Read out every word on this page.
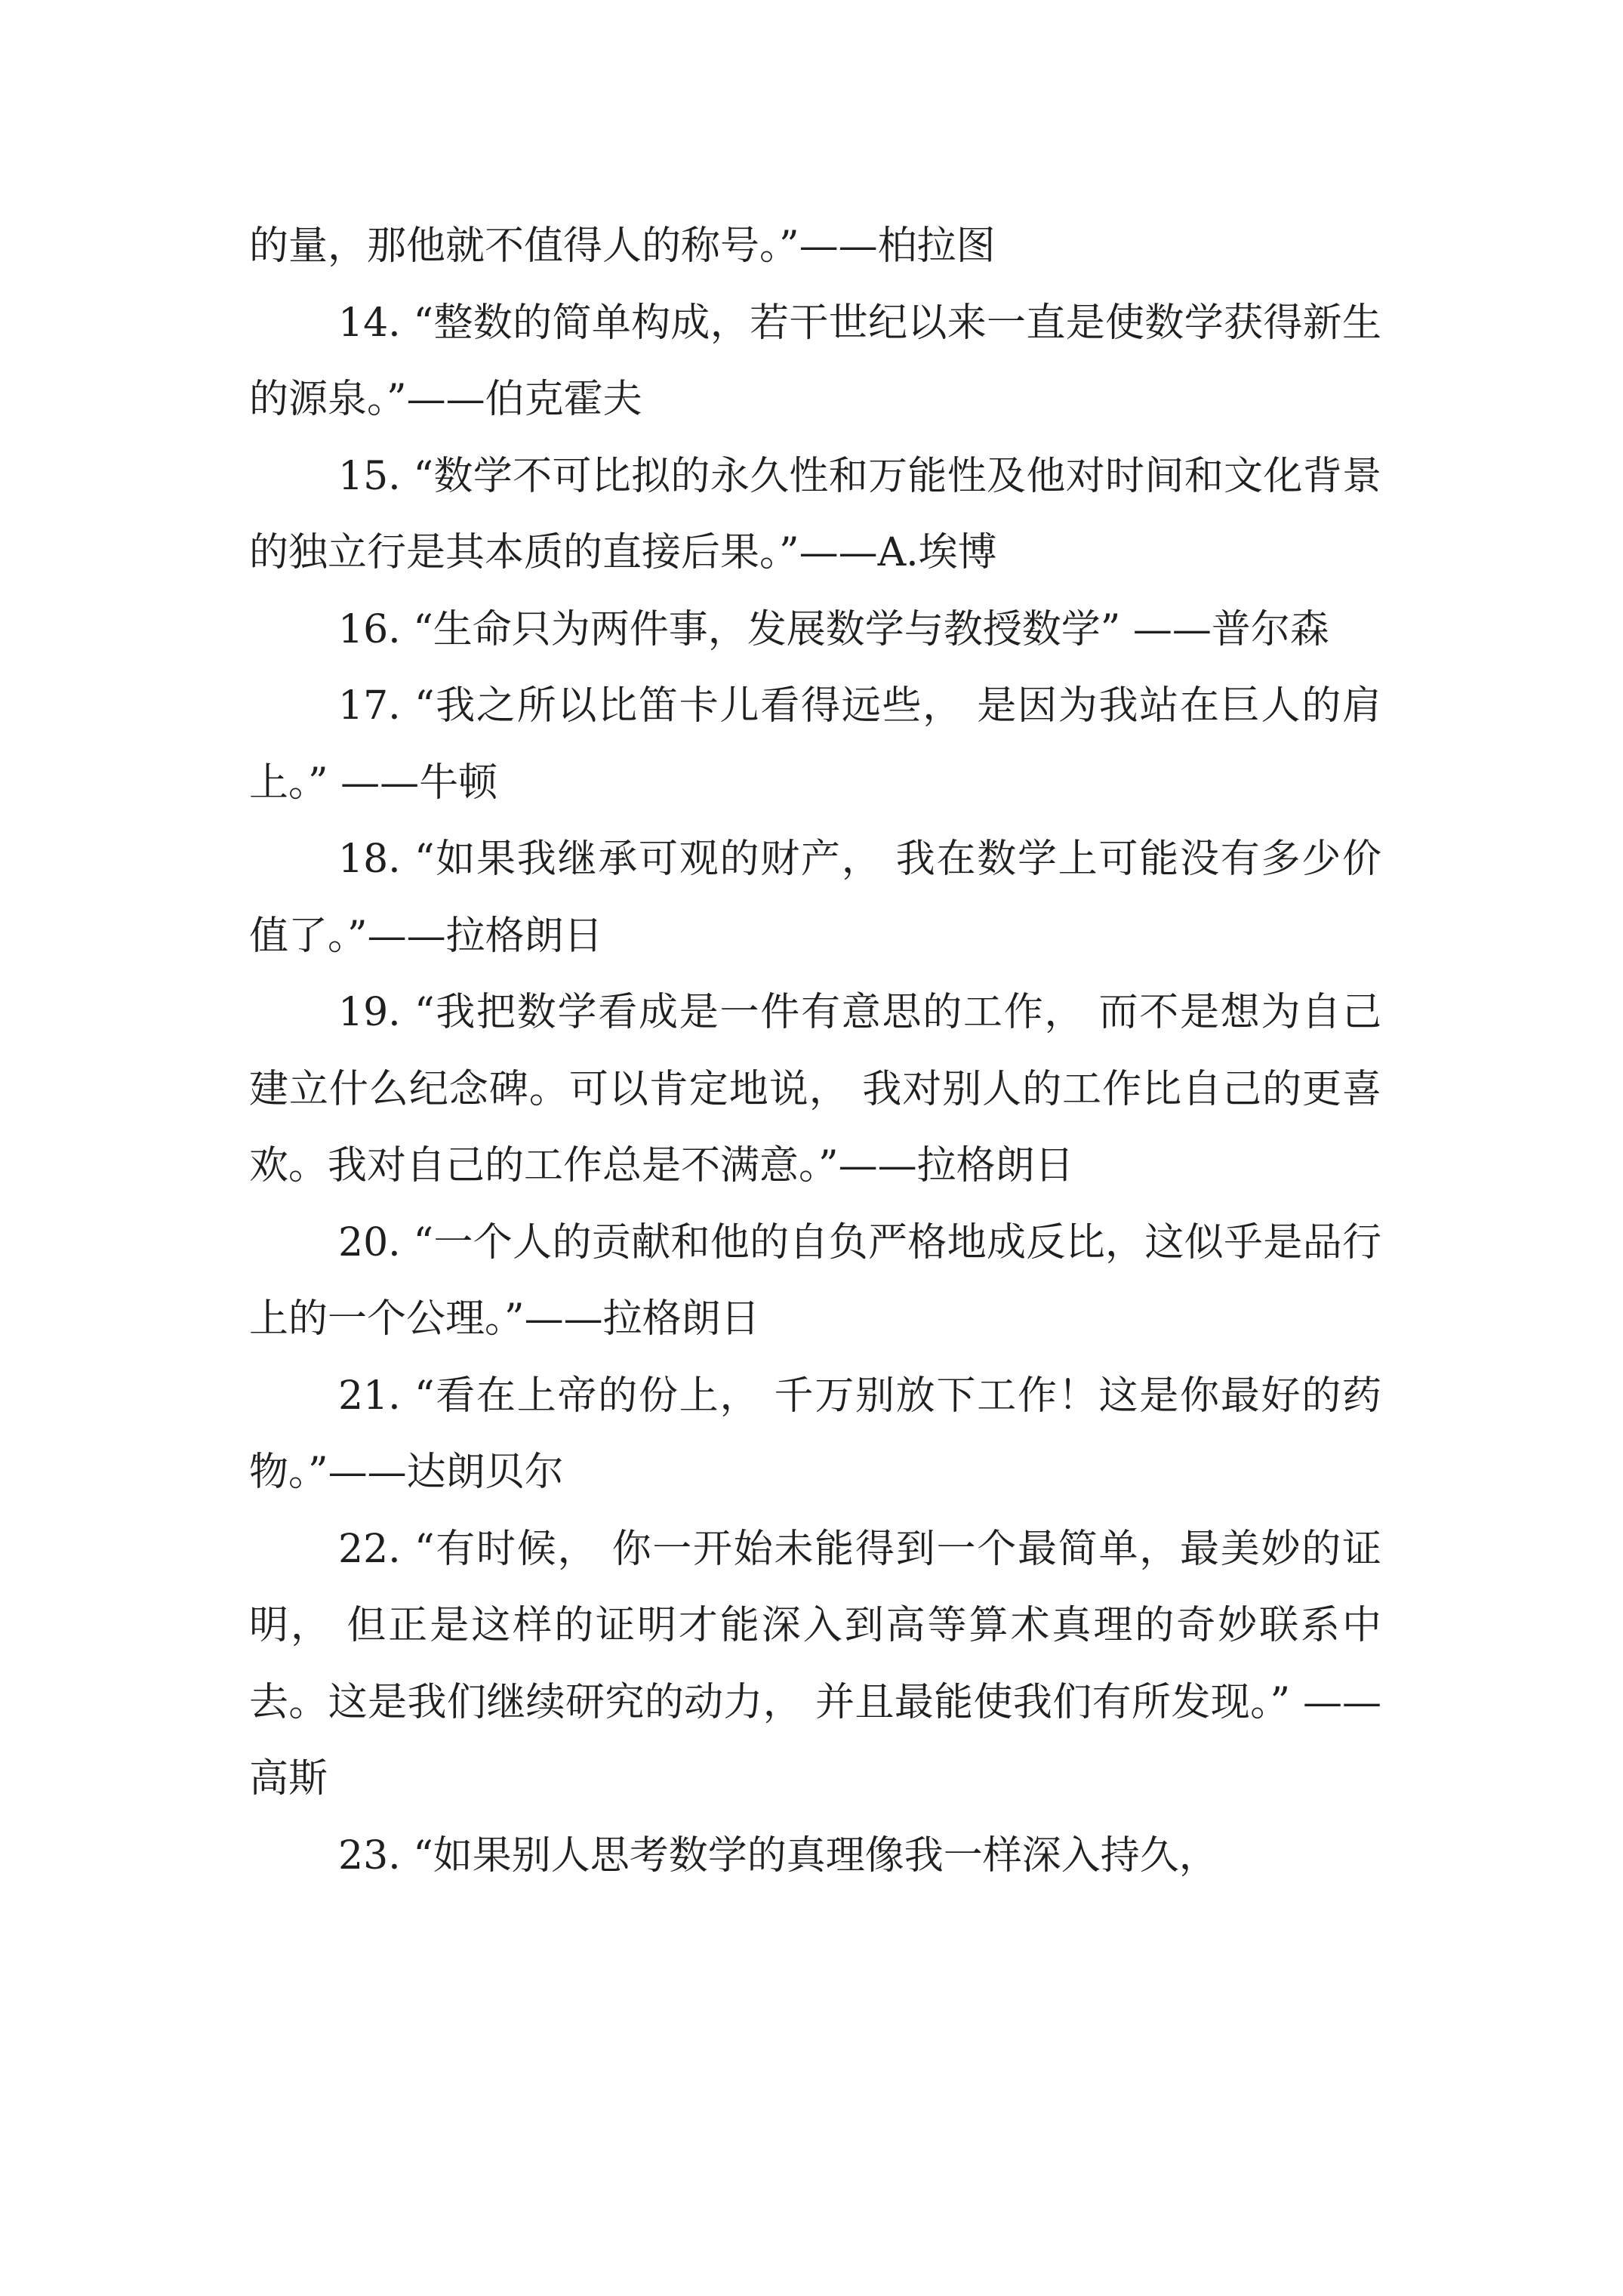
的量，那他就不值得人的称号。”——柏拉图

14. “整数的简单构成，若干世纪以来一直是使数学获得新生的源泉。”——伯克霍夫

15. “数学不可比拟的永久性和万能性及他对时间和文化背景的独立行是其本质的直接后果。”——A.埃博

16. “生命只为两件事，发展数学与教授数学” ——普尔森

17. “我之所以比笛卡儿看得远些， 是因为我站在巨人的肩上。” ——牛顿

18. “如果我继承可观的财产， 我在数学上可能没有多少价值了。”——拉格朗日

19. “我把数学看成是一件有意思的工作， 而不是想为自己建立什么纪念碑。可以肯定地说， 我对别人的工作比自己的更喜欢。我对自己的工作总是不满意。”——拉格朗日

20. “一个人的贡献和他的自负严格地成反比，这似乎是品行上的一个公理。”——拉格朗日

21. “看在上帝的份上， 千万别放下工作！这是你最好的药物。”——达朗贝尔

22. “有时候， 你一开始未能得到一个最简单，最美妙的证明， 但正是这样的证明才能深入到高等算术真理的奇妙联系中去。这是我们继续研究的动力， 并且最能使我们有所发现。” ——高斯

23. “如果别人思考数学的真理像我一样深入持久，
